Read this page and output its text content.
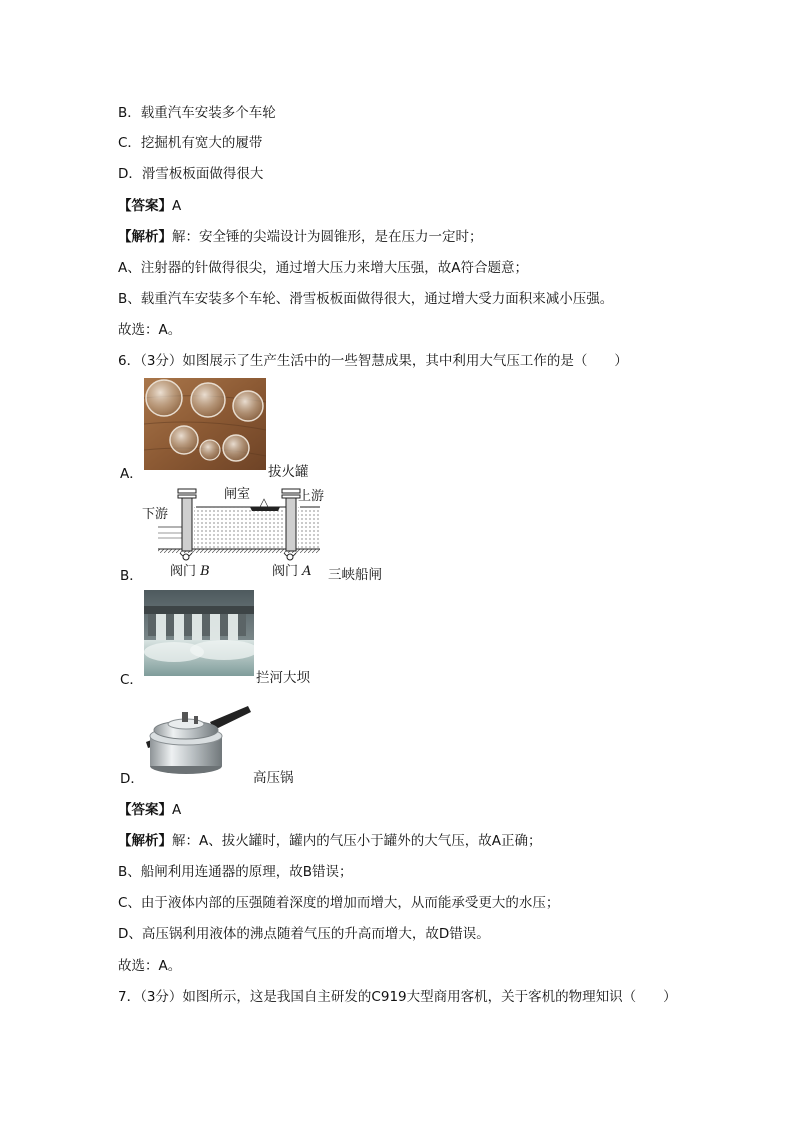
B．载重汽车安装多个车轮
C．挖掘机有宽大的履带
D．滑雪板板面做得很大
【答案】A
【解析】解：安全锤的尖端设计为圆锥形，是在压力一定时；
A、注射器的针做得很尖，通过增大压力来增大压强，故A符合题意；
B、载重汽车安装多个车轮、滑雪板板面做得很大，通过增大受力面积来减小压强。
故选：A。
6．（3分）如图展示了生产生活中的一些智慧成果，其中利用大气压工作的是（　　）
A．	拔火罐
闸室	上游
下游
阀门 B	阀门 A
B．	三峡船闸
C．	拦河大坝
D．	高压锅
【答案】A
【解析】解：A、拔火罐时，罐内的气压小于罐外的大气压，故A正确；
B、船闸利用连通器的原理，故B错误；
C、由于液体内部的压强随着深度的增加而增大，从而能承受更大的水压；
D、高压锅利用液体的沸点随着气压的升高而增大，故D错误。
故选：A。
7．（3分）如图所示，这是我国自主研发的C919大型商用客机，关于客机的物理知识（　　）
